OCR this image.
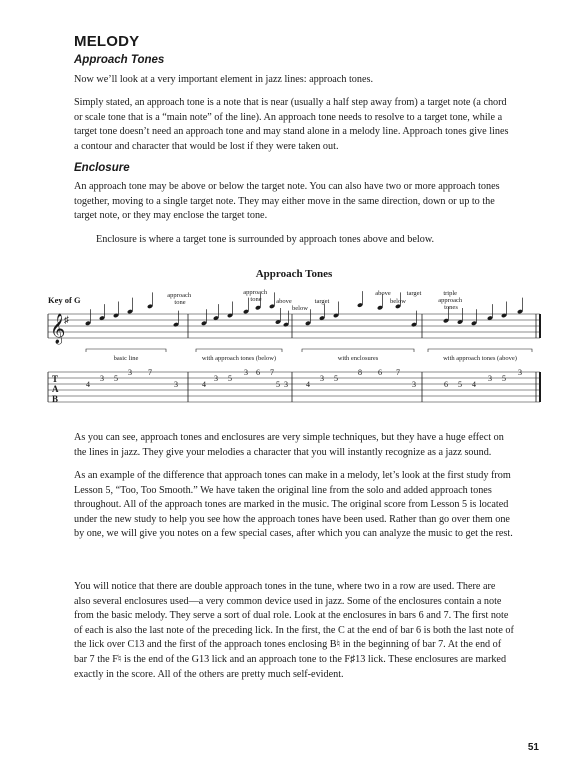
MELODY
Approach Tones

Now we’ll look at a very important element in jazz lines: approach tones.

Simply stated, an approach tone is a note that is near (usually a half step away from) a target note (a chord or scale tone that is a “main note” of the line). An approach tone needs to resolve to a target tone, while a target tone doesn’t need an approach tone and may stand alone in a melody line. Approach tones give lines a contour and character that would be lost if they were taken out.

Enclosure

An approach tone may be above or below the target note. You can also have two or more approach tones together, moving to a single target note. They may either move in the same direction, down or up to the target note, or they may enclose the target tone.

Enclosure is where a target tone is surrounded by approach tones above and below.

Approach Tones
Key of G	approach tone
approach tone	above
below
target
above target
below
triple approach tones
𝄞
♯
basic line	with approach tones (below)	with enclosures	with approach tones (above)
T
A
B
4
3 5
3 7
3	4
3 5
3 6 7
5 3 4
3 5
8 6 7
3	6 5 4
3 5
3

As you can see, approach tones and enclosures are very simple techniques, but they have a huge effect on the lines in jazz. They give your melodies a character that you will instantly recognize as a jazz sound.

As an example of the difference that approach tones can make in a melody, let’s look at the first study from Lesson 5, “Too, Too Smooth.” We have taken the original line from the solo and added approach tones throughout. All of the approach tones are marked in the music. The original score from Lesson 5 is located under the new study to help you see how the approach tones have been used. Rather than go over them one by one, we will give you notes on a few special cases, after which you can analyze the music to get the rest.

You will notice that there are double approach tones in the tune, where two in a row are used. There are also several enclosures used—a very common device used in jazz. Some of the enclosures contain a note from the basic melody. They serve a sort of dual role. Look at the enclosures in bars 6 and 7. The first note of each is also the last note of the preceding lick. In the first, the C at the end of bar 6 is both the last note of the lick over C13 and the first of the approach tones enclosing B♮ in the beginning of bar 7. At the end of bar 7 the F♮ is the end of the G13 lick and an approach tone to the F♯13 lick. These enclosures are marked exactly in the score. All of the others are pretty much self-evident.

51
